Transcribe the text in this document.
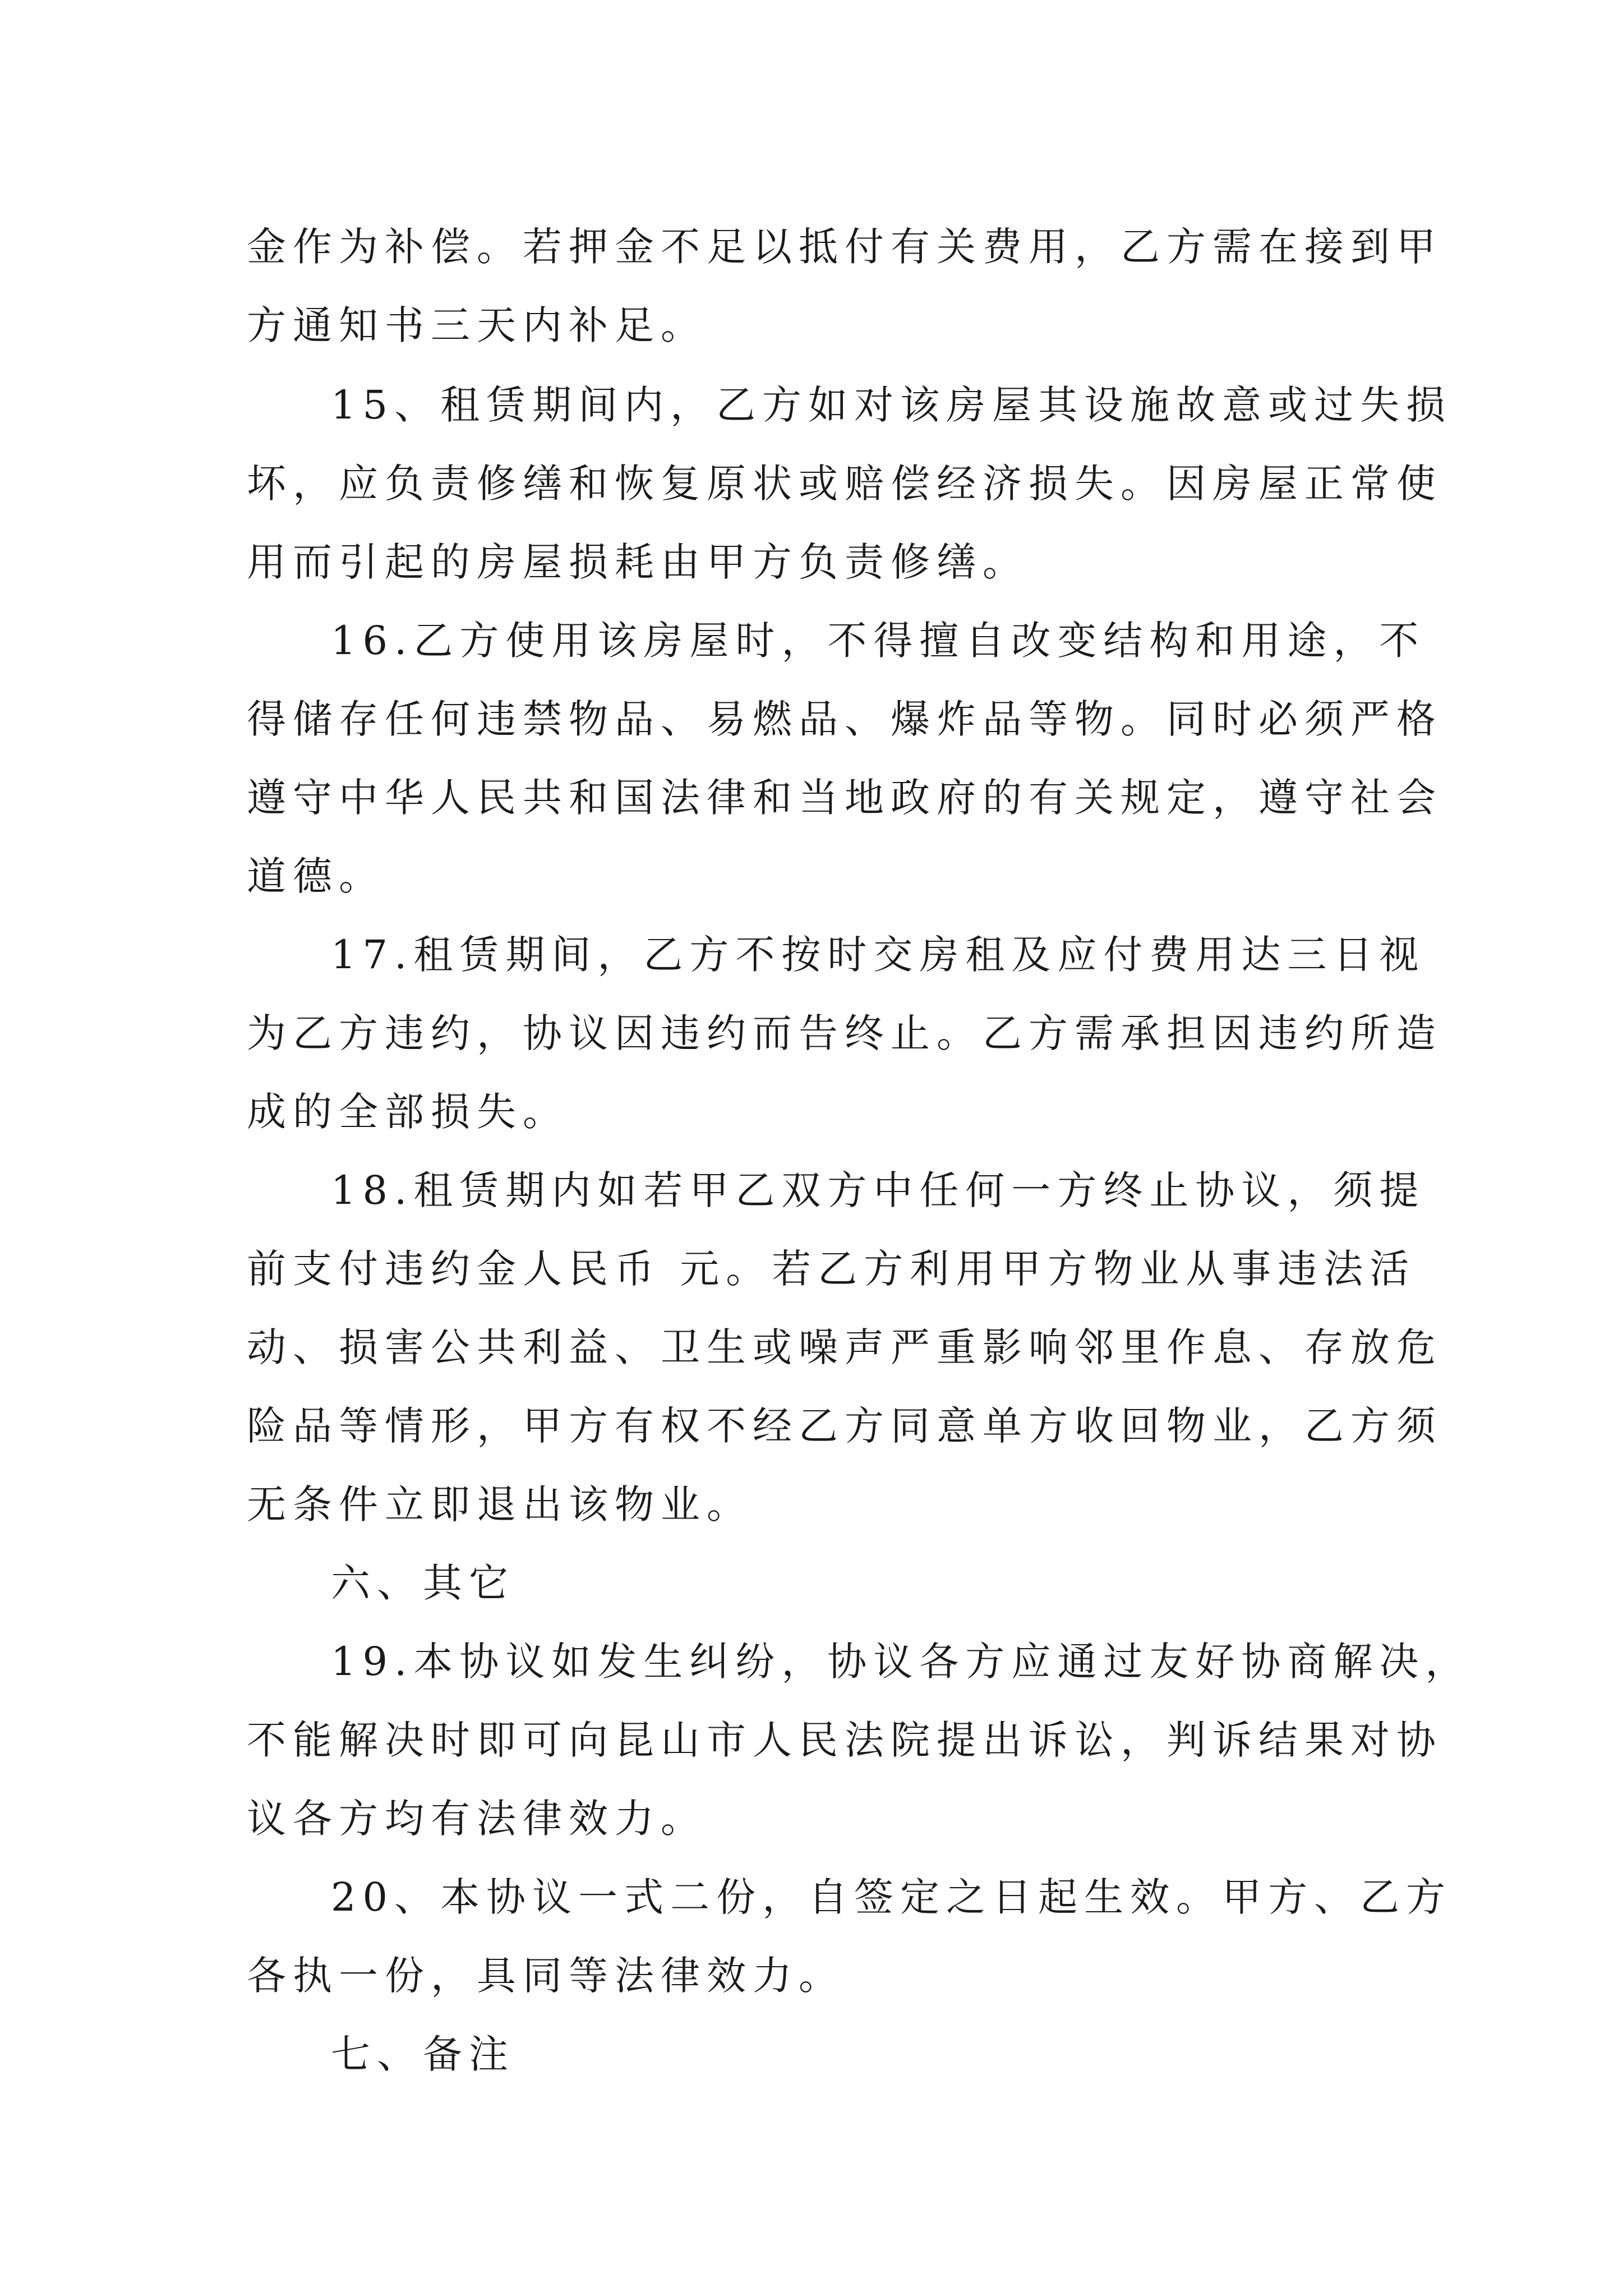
金作为补偿。若押金不足以抵付有关费用，乙方需在接到甲

方通知书三天内补足。

15、租赁期间内，乙方如对该房屋其设施故意或过失损

坏，应负责修缮和恢复原状或赔偿经济损失。因房屋正常使

用而引起的房屋损耗由甲方负责修缮。

16.乙方使用该房屋时，不得擅自改变结构和用途，不

得储存任何违禁物品、易燃品、爆炸品等物。同时必须严格

遵守中华人民共和国法律和当地政府的有关规定，遵守社会

道德。

17.租赁期间，乙方不按时交房租及应付费用达三日视

为乙方违约，协议因违约而告终止。乙方需承担因违约所造

成的全部损失。

18.租赁期内如若甲乙双方中任何一方终止协议，须提

前支付违约金人民币 元。若乙方利用甲方物业从事违法活

动、损害公共利益、卫生或噪声严重影响邻里作息、存放危

险品等情形，甲方有权不经乙方同意单方收回物业，乙方须

无条件立即退出该物业。

六、其它

19.本协议如发生纠纷，协议各方应通过友好协商解决，

不能解决时即可向昆山市人民法院提出诉讼，判诉结果对协

议各方均有法律效力。

20、本协议一式二份，自签定之日起生效。甲方、乙方

各执一份，具同等法律效力。

七、备注
